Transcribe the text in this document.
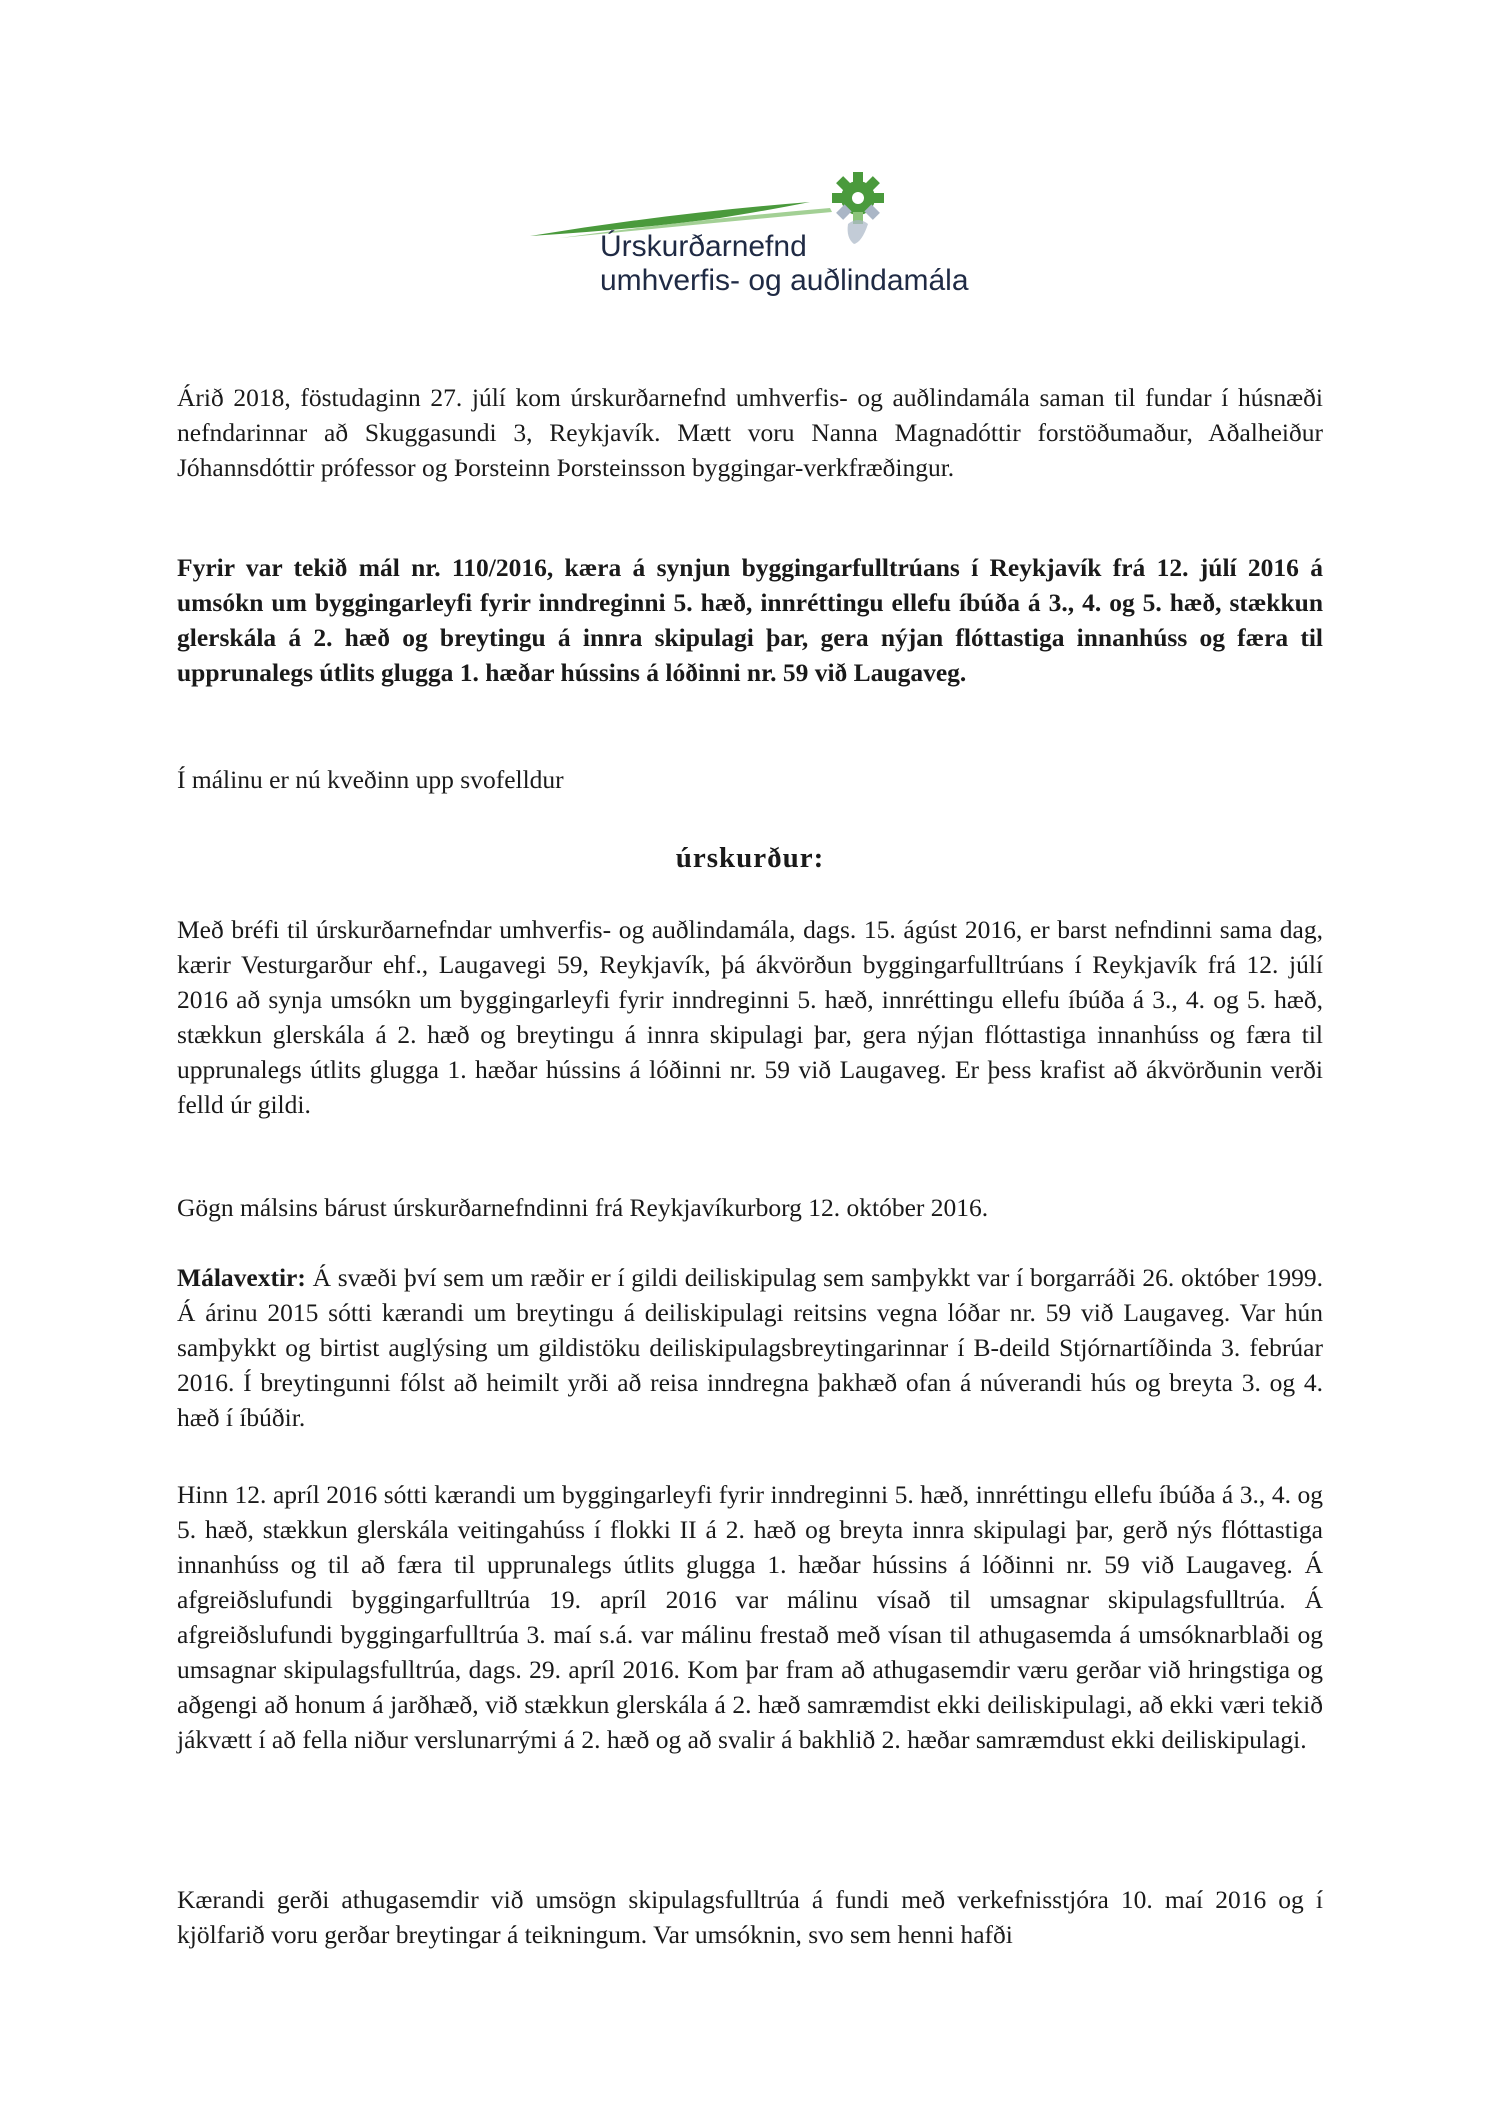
Úrskurðarnefnd
umhverfis- og auðlindamála
Árið 2018, föstudaginn 27. júlí kom úrskurðarnefnd umhverfis- og auðlindamála saman til fundar í húsnæði nefndarinnar að Skuggasundi 3, Reykjavík. Mætt voru Nanna Magnadóttir forstöðumaður, Aðalheiður Jóhannsdóttir prófessor og Þorsteinn Þorsteinsson byggingar-verkfræðingur.
Fyrir var tekið mál nr. 110/2016, kæra á synjun byggingarfulltrúans í Reykjavík frá 12. júlí 2016 á umsókn um byggingarleyfi fyrir inndreginni 5. hæð, innréttingu ellefu íbúða á 3., 4. og 5. hæð, stækkun glerskála á 2. hæð og breytingu á innra skipulagi þar, gera nýjan flóttastiga innanhúss og færa til upprunalegs útlits glugga 1. hæðar hússins á lóðinni nr. 59 við Laugaveg.
Í málinu er nú kveðinn upp svofelldur
úrskurður:
Með bréfi til úrskurðarnefndar umhverfis- og auðlindamála, dags. 15. ágúst 2016, er barst nefndinni sama dag, kærir Vesturgarður ehf., Laugavegi 59, Reykjavík, þá ákvörðun byggingarfulltrúans í Reykjavík frá 12. júlí 2016 að synja umsókn um byggingarleyfi fyrir inndreginni 5. hæð, innréttingu ellefu íbúða á 3., 4. og 5. hæð, stækkun glerskála á 2. hæð og breytingu á innra skipulagi þar, gera nýjan flóttastiga innanhúss og færa til upprunalegs útlits glugga 1. hæðar hússins á lóðinni nr. 59 við Laugaveg. Er þess krafist að ákvörðunin verði felld úr gildi.
Gögn málsins bárust úrskurðarnefndinni frá Reykjavíkurborg 12. október 2016.
Málavextir: Á svæði því sem um ræðir er í gildi deiliskipulag sem samþykkt var í borgarráði 26. október 1999. Á árinu 2015 sótti kærandi um breytingu á deiliskipulagi reitsins vegna lóðar nr. 59 við Laugaveg. Var hún samþykkt og birtist auglýsing um gildistöku deiliskipulagsbreytingarinnar í B-deild Stjórnartíðinda 3. febrúar 2016. Í breytingunni fólst að heimilt yrði að reisa inndregna þakhæð ofan á núverandi hús og breyta 3. og 4. hæð í íbúðir.
Hinn 12. apríl 2016 sótti kærandi um byggingarleyfi fyrir inndreginni 5. hæð, innréttingu ellefu íbúða á 3., 4. og 5. hæð, stækkun glerskála veitingahúss í flokki II á 2. hæð og breyta innra skipulagi þar, gerð nýs flóttastiga innanhúss og til að færa til upprunalegs útlits glugga 1. hæðar hússins á lóðinni nr. 59 við Laugaveg. Á afgreiðslufundi byggingarfulltrúa 19. apríl 2016 var málinu vísað til umsagnar skipulagsfulltrúa. Á afgreiðslufundi byggingarfulltrúa 3. maí s.á. var málinu frestað með vísan til athugasemda á umsóknarblaði og umsagnar skipulagsfulltrúa, dags. 29. apríl 2016. Kom þar fram að athugasemdir væru gerðar við hringstiga og aðgengi að honum á jarðhæð, við stækkun glerskála á 2. hæð samræmdist ekki deiliskipulagi, að ekki væri tekið jákvætt í að fella niður verslunarrými á 2. hæð og að svalir á bakhlið 2. hæðar samræmdust ekki deiliskipulagi.
Kærandi gerði athugasemdir við umsögn skipulagsfulltrúa á fundi með verkefnisstjóra 10. maí 2016 og í kjölfarið voru gerðar breytingar á teikningum. Var umsóknin, svo sem henni hafði
